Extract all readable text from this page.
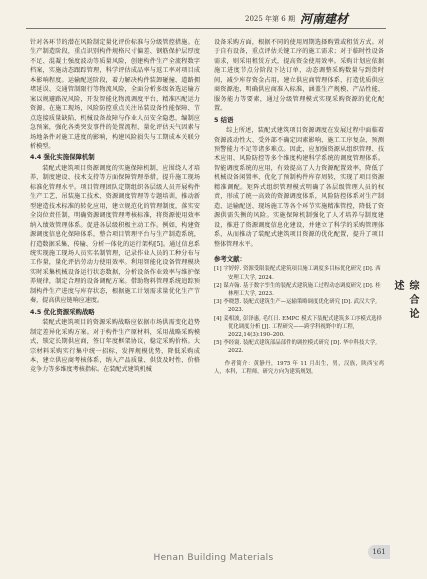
2025 年第 6 期 河南建材

针对各环节的潜在风险制定量化评价标准与分级管控措施。在生产制造阶段，重点识别构件规格尺寸偏差、钢筋保护层厚度不足、混凝土强度波动等质量风险，创建构件生产全流程数字档案，实施动态跟踪管理，科学评估成品率与返工率对项目成本影响程度。运输配送阶段，着力解决构件装卸碰撞、道路拥堵延误、交通管制限行等物流风险，全面分析多级备选运输方案以规避路况风险，开发智能化物流调度平台，精准匹配运力资源。在施工现场，风险防控重点关注吊装设备性能保障、节点连接质量缺陷、机械设备故障与作业人员安全隐患，编制应急预案，强化各类突发事件的处置流程，量化评估天气因素与场地条件对施工进度的影响，构建风险损失与工期成本关联分析模型。

4.4 强化实施保障机制

装配式建筑项目资源调度的实施保障机制，应围绕人才培养、制度建设、技术支持等方面保障管理举措，提升施工现场标准化管理水平。项目管理团队定期组织各层级人员开展构件生产工艺、吊装施工技术、资源调度管理等专题培训，推动新型建造技术标准的转化应用，建立规范化的管理制度，落实安全岗位责任制，明确资源调度管理考核标准，将资源使用效率纳入绩效管理体系。促进各层级积极主动工作。例如，构建资源调度信息化保障体系，整合项目管理平台与生产制造系统，打造数据采集、传输、分析一体化的运行架构[5]。通过信息系统实现施工现场人员实名制管理，记录作业人员的工种分布与工作量，量化评估劳动力使用效率。利用智能化设备管理模块实时采集机械设备运行状态数据，分析设备作业效率与维护保养规律，制定合理的设备调配方案。借助物料管理系统追踪预制构件生产进度与库存状态，根据施工计划需求量优化生产节奏，提高供应链响应速度。

4.5 优化资源采购战略

装配式建筑项目的资源采购战略应依据市场供需变化趋势制定差异化采购方案。对于构件生产原材料，采用战略采购模式，锁定长期供应商，签订年度框架协议，稳定采购价格。大宗材料采购实行集中统一招标，发挥规模优势，降低采购成本，建立供应商考核体系，纳入产品质量、供货及时性、价格竞争力等多维度考核指标。在装配式建筑机械

设备采购方面，根据不同的使用周期选择购置或租赁方式。对于自有设备，重点评估关键工序的施工需求；对于临时性设备需求，则采用租赁方式，提高资金使用效率。采购计划应依据施工进度节点分阶段下达订单，动态调整采购数量与到货时间，减少库存资金占用。建立供应商管理体系，打造优质供应商资源池，明确供应商准入标准，涵盖生产规模、产品性能、服务能力等要素，通过分级管理模式实现采购资源的优化配置。

5 结语

综上所述，装配式建筑项目资源调度在发展过程中面临着资源波动性大、受外部不确定因素影响、施工工序复杂、预测预警能力不足等诸多难点。因此，应加强资源从组织管理、技术应用、风险防控等多个维度构建科学系统的调度管理体系。智能调度系统的应用，有效提高了人力资源配置效率，降低了机械设备闲置率，优化了预制构件库存周转，实现了项目资源精准调配。矩阵式组织管理模式明确了各层级管理人员的权责，形成了统一高效的资源调度体系，风险防控体系对生产制造、运输配送、现场施工等各个环节实施精准管控，降低了资源供需失衡的风险。实施保障机制强化了人才培养与制度建设，推进了资源调度信息化建设，并建立了科学的采购管理体系，从而推动了装配式建筑项目资源的优化配置，提升了项目整体管理水平。

参考文献：
[1] 宇婷婷. 资源受限装配式建筑项目施工调度多目标优化研究 [D]. 西安理工大学, 2024.
[2] 谋卉翰. 基于数字孪生的装配式建筑施工过程动态调度研究 [D]. 桂林理工大学, 2023.
[3] 李晓慧. 装配式建筑生产—运输策略调度优化研究 [D]. 武汉大学, 2023.
[4] 姜相波, 彭泽惠, 毛红日. EMPC 模式下装配式建筑多工序模式选择优化调度分析 [J]. 工程研究——跨学科视野中的工程, 2022,14(3):190–200.
[5] 李经寰. 装配式建筑部品部件的调控模式研究 [D]. 华中科技大学, 2022.
作者简介：黄静丹，1975 年 11 月出生，男，汉族，陕西宝鸡人，本科，工程师，研究方向为建筑规划。
综合论述
161
Henan Building Materials
